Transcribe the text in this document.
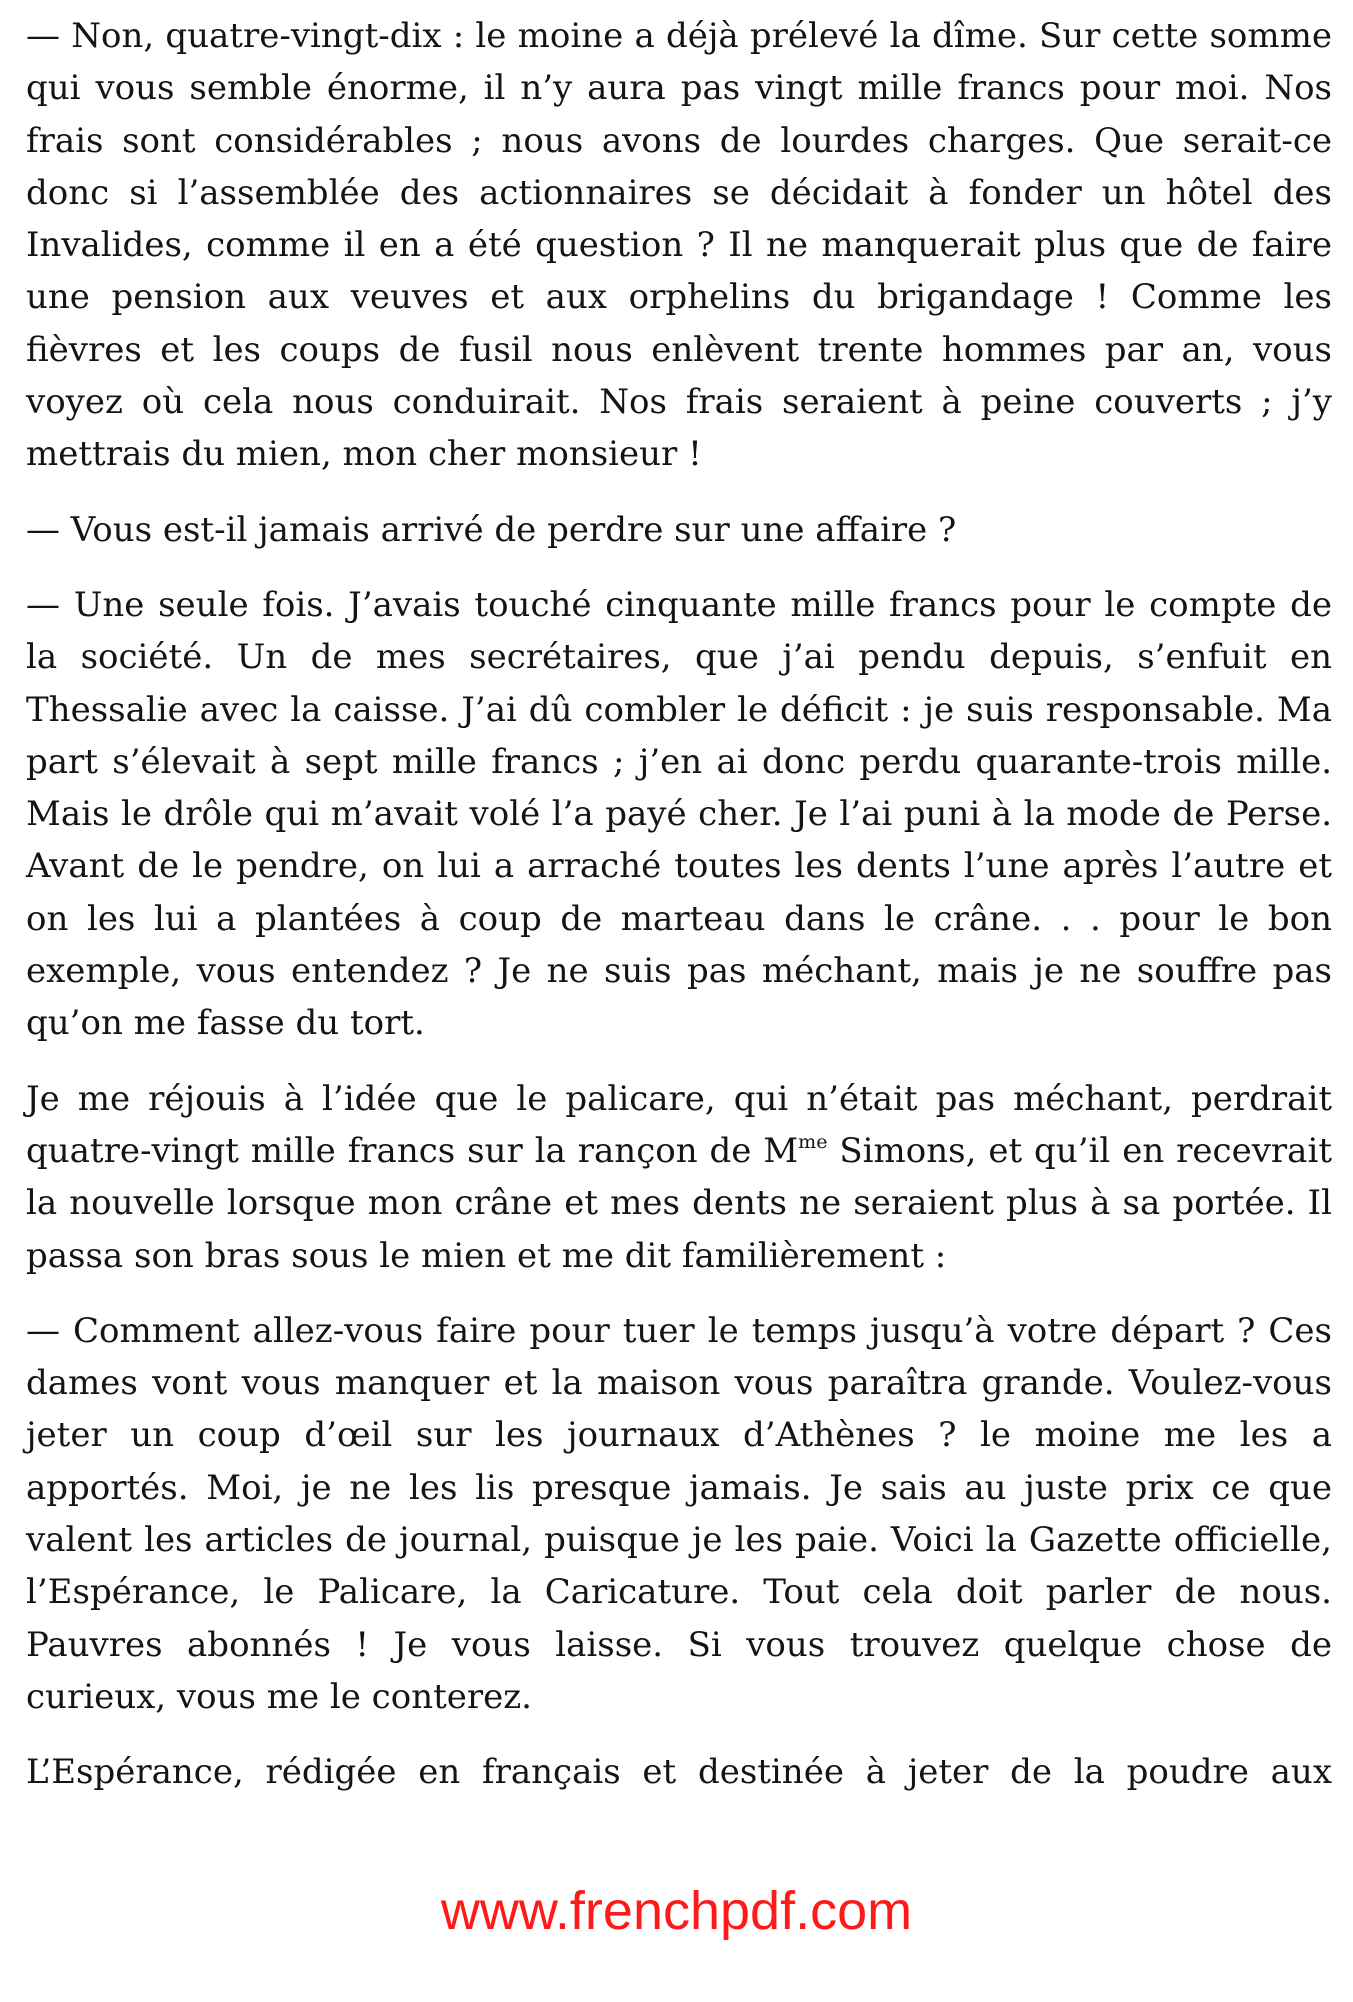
— Non, quatre-vingt-dix : le moine a déjà prélevé la dîme. Sur cette somme qui vous semble énorme, il n’y aura pas vingt mille francs pour moi. Nos frais sont considérables ; nous avons de lourdes charges. Que serait-ce donc si l’assemblée des actionnaires se décidait à fonder un hôtel des Invalides, comme il en a été question ? Il ne manquerait plus que de faire une pension aux veuves et aux orphelins du brigandage ! Comme les fièvres et les coups de fusil nous enlèvent trente hommes par an, vous voyez où cela nous conduirait. Nos frais seraient à peine couverts ; j’y mettrais du mien, mon cher monsieur !

— Vous est-il jamais arrivé de perdre sur une affaire ?

— Une seule fois. J’avais touché cinquante mille francs pour le compte de la société. Un de mes secrétaires, que j’ai pendu depuis, s’enfuit en Thessalie avec la caisse. J’ai dû combler le déficit : je suis responsable. Ma part s’élevait à sept mille francs ; j’en ai donc perdu quarante-trois mille. Mais le drôle qui m’avait volé l’a payé cher. Je l’ai puni à la mode de Perse. Avant de le pendre, on lui a arraché toutes les dents l’une après l’autre et on les lui a plantées à coup de marteau dans le crâne. . . pour le bon exemple, vous entendez ? Je ne suis pas méchant, mais je ne souffre pas qu’on me fasse du tort.

Je me réjouis à l’idée que le palicare, qui n’était pas méchant, perdrait quatre-vingt mille francs sur la rançon de $M^{me}$ Simons, et qu’il en recevrait la nouvelle lorsque mon crâne et mes dents ne seraient plus à sa portée. Il passa son bras sous le mien et me dit familièrement :

— Comment allez-vous faire pour tuer le temps jusqu’à votre départ ? Ces dames vont vous manquer et la maison vous paraîtra grande. Voulez-vous jeter un coup d’œil sur les journaux d’Athènes ? le moine me les a apportés. Moi, je ne les lis presque jamais. Je sais au juste prix ce que valent les articles de journal, puisque je les paie. Voici la Gazette officielle, l’Espérance, le Palicare, la Caricature. Tout cela doit parler de nous. Pauvres abonnés ! Je vous laisse. Si vous trouvez quelque chose de curieux, vous me le conterez.

L’Espérance, rédigée en français et destinée à jeter de la poudre aux

www.frenchpdf.com
